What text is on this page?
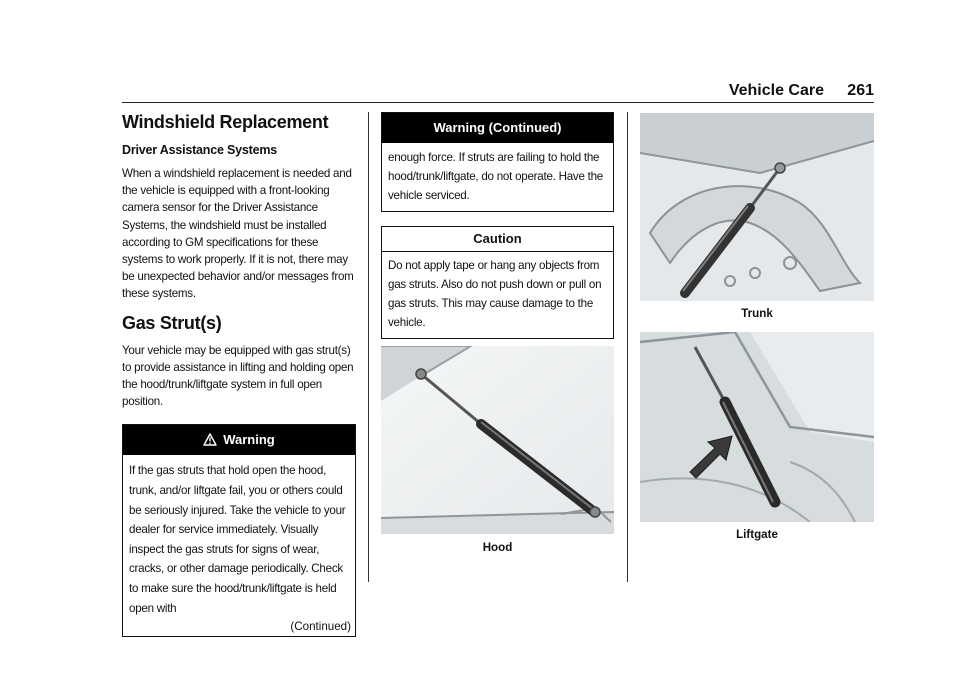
Vehicle Care 261
Windshield Replacement
Driver Assistance Systems

When a windshield replacement is needed and the vehicle is equipped with a front-looking camera sensor for the Driver Assistance Systems, the windshield must be installed according to GM specifications for these systems to work properly. If it is not, there may be unexpected behavior and/or messages from these systems.

Gas Strut(s)

Your vehicle may be equipped with gas strut(s) to provide assistance in lifting and holding open the hood/trunk/liftgate system in full open position.

Warning
If the gas struts that hold open the hood, trunk, and/or liftgate fail, you or others could be seriously injured. Take the vehicle to your dealer for service immediately. Visually inspect the gas struts for signs of wear, cracks, or other damage periodically. Check to make sure the hood/trunk/liftgate is held open with
(Continued)
Warning (Continued)
enough force. If struts are failing to hold the hood/trunk/liftgate, do not operate. Have the vehicle serviced.
Caution
Do not apply tape or hang any objects from gas struts. Also do not push down or pull on gas struts. This may cause damage to the vehicle.
Hood
Trunk
Liftgate
